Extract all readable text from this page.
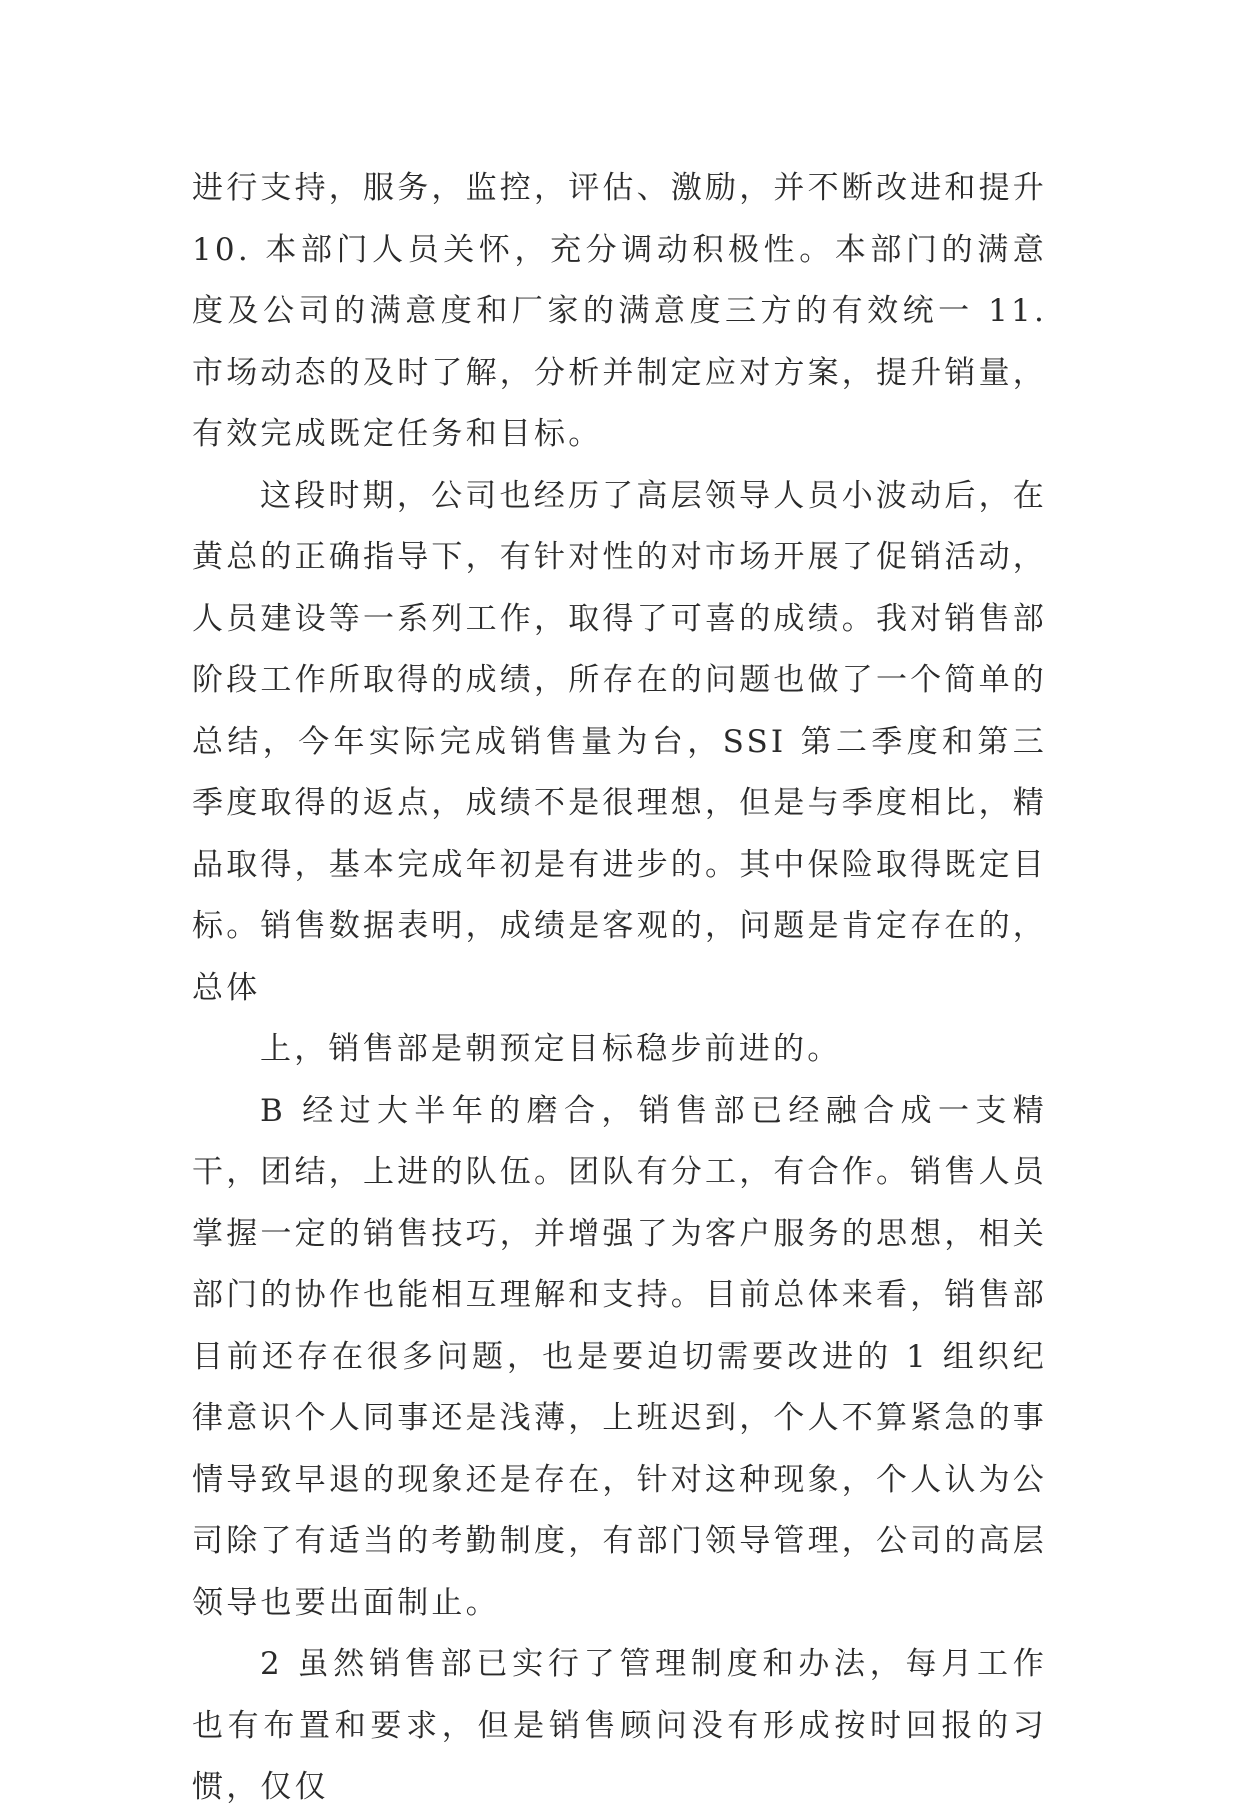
进行支持，服务，监控，评估、激励，并不断改进和提升 10. 本部门人员关怀，充分调动积极性。本部门的满意度及公司的满意度和厂家的满意度三方的有效统一 11. 市场动态的及时了解，分析并制定应对方案，提升销量，有效完成既定任务和目标。

这段时期，公司也经历了高层领导人员小波动后，在黄总的正确指导下，有针对性的对市场开展了促销活动，人员建设等一系列工作，取得了可喜的成绩。我对销售部阶段工作所取得的成绩，所存在的问题也做了一个简单的总结，今年实际完成销售量为台，SSI 第二季度和第三季度取得的返点，成绩不是很理想，但是与季度相比，精品取得，基本完成年初是有进步的。其中保险取得既定目标。销售数据表明，成绩是客观的，问题是肯定存在的，总体

上，销售部是朝预定目标稳步前进的。

B 经过大半年的磨合，销售部已经融合成一支精干，团结，上进的队伍。团队有分工，有合作。销售人员掌握一定的销售技巧，并增强了为客户服务的思想，相关部门的协作也能相互理解和支持。目前总体来看，销售部目前还存在很多问题，也是要迫切需要改进的 1 组织纪律意识个人同事还是浅薄，上班迟到，个人不算紧急的事情导致早退的现象还是存在，针对这种现象，个人认为公司除了有适当的考勤制度，有部门领导管理，公司的高层领导也要出面制止。

2 虽然销售部已实行了管理制度和办法，每月工作也有布置和要求，但是销售顾问没有形成按时回报的习惯，仅仅
